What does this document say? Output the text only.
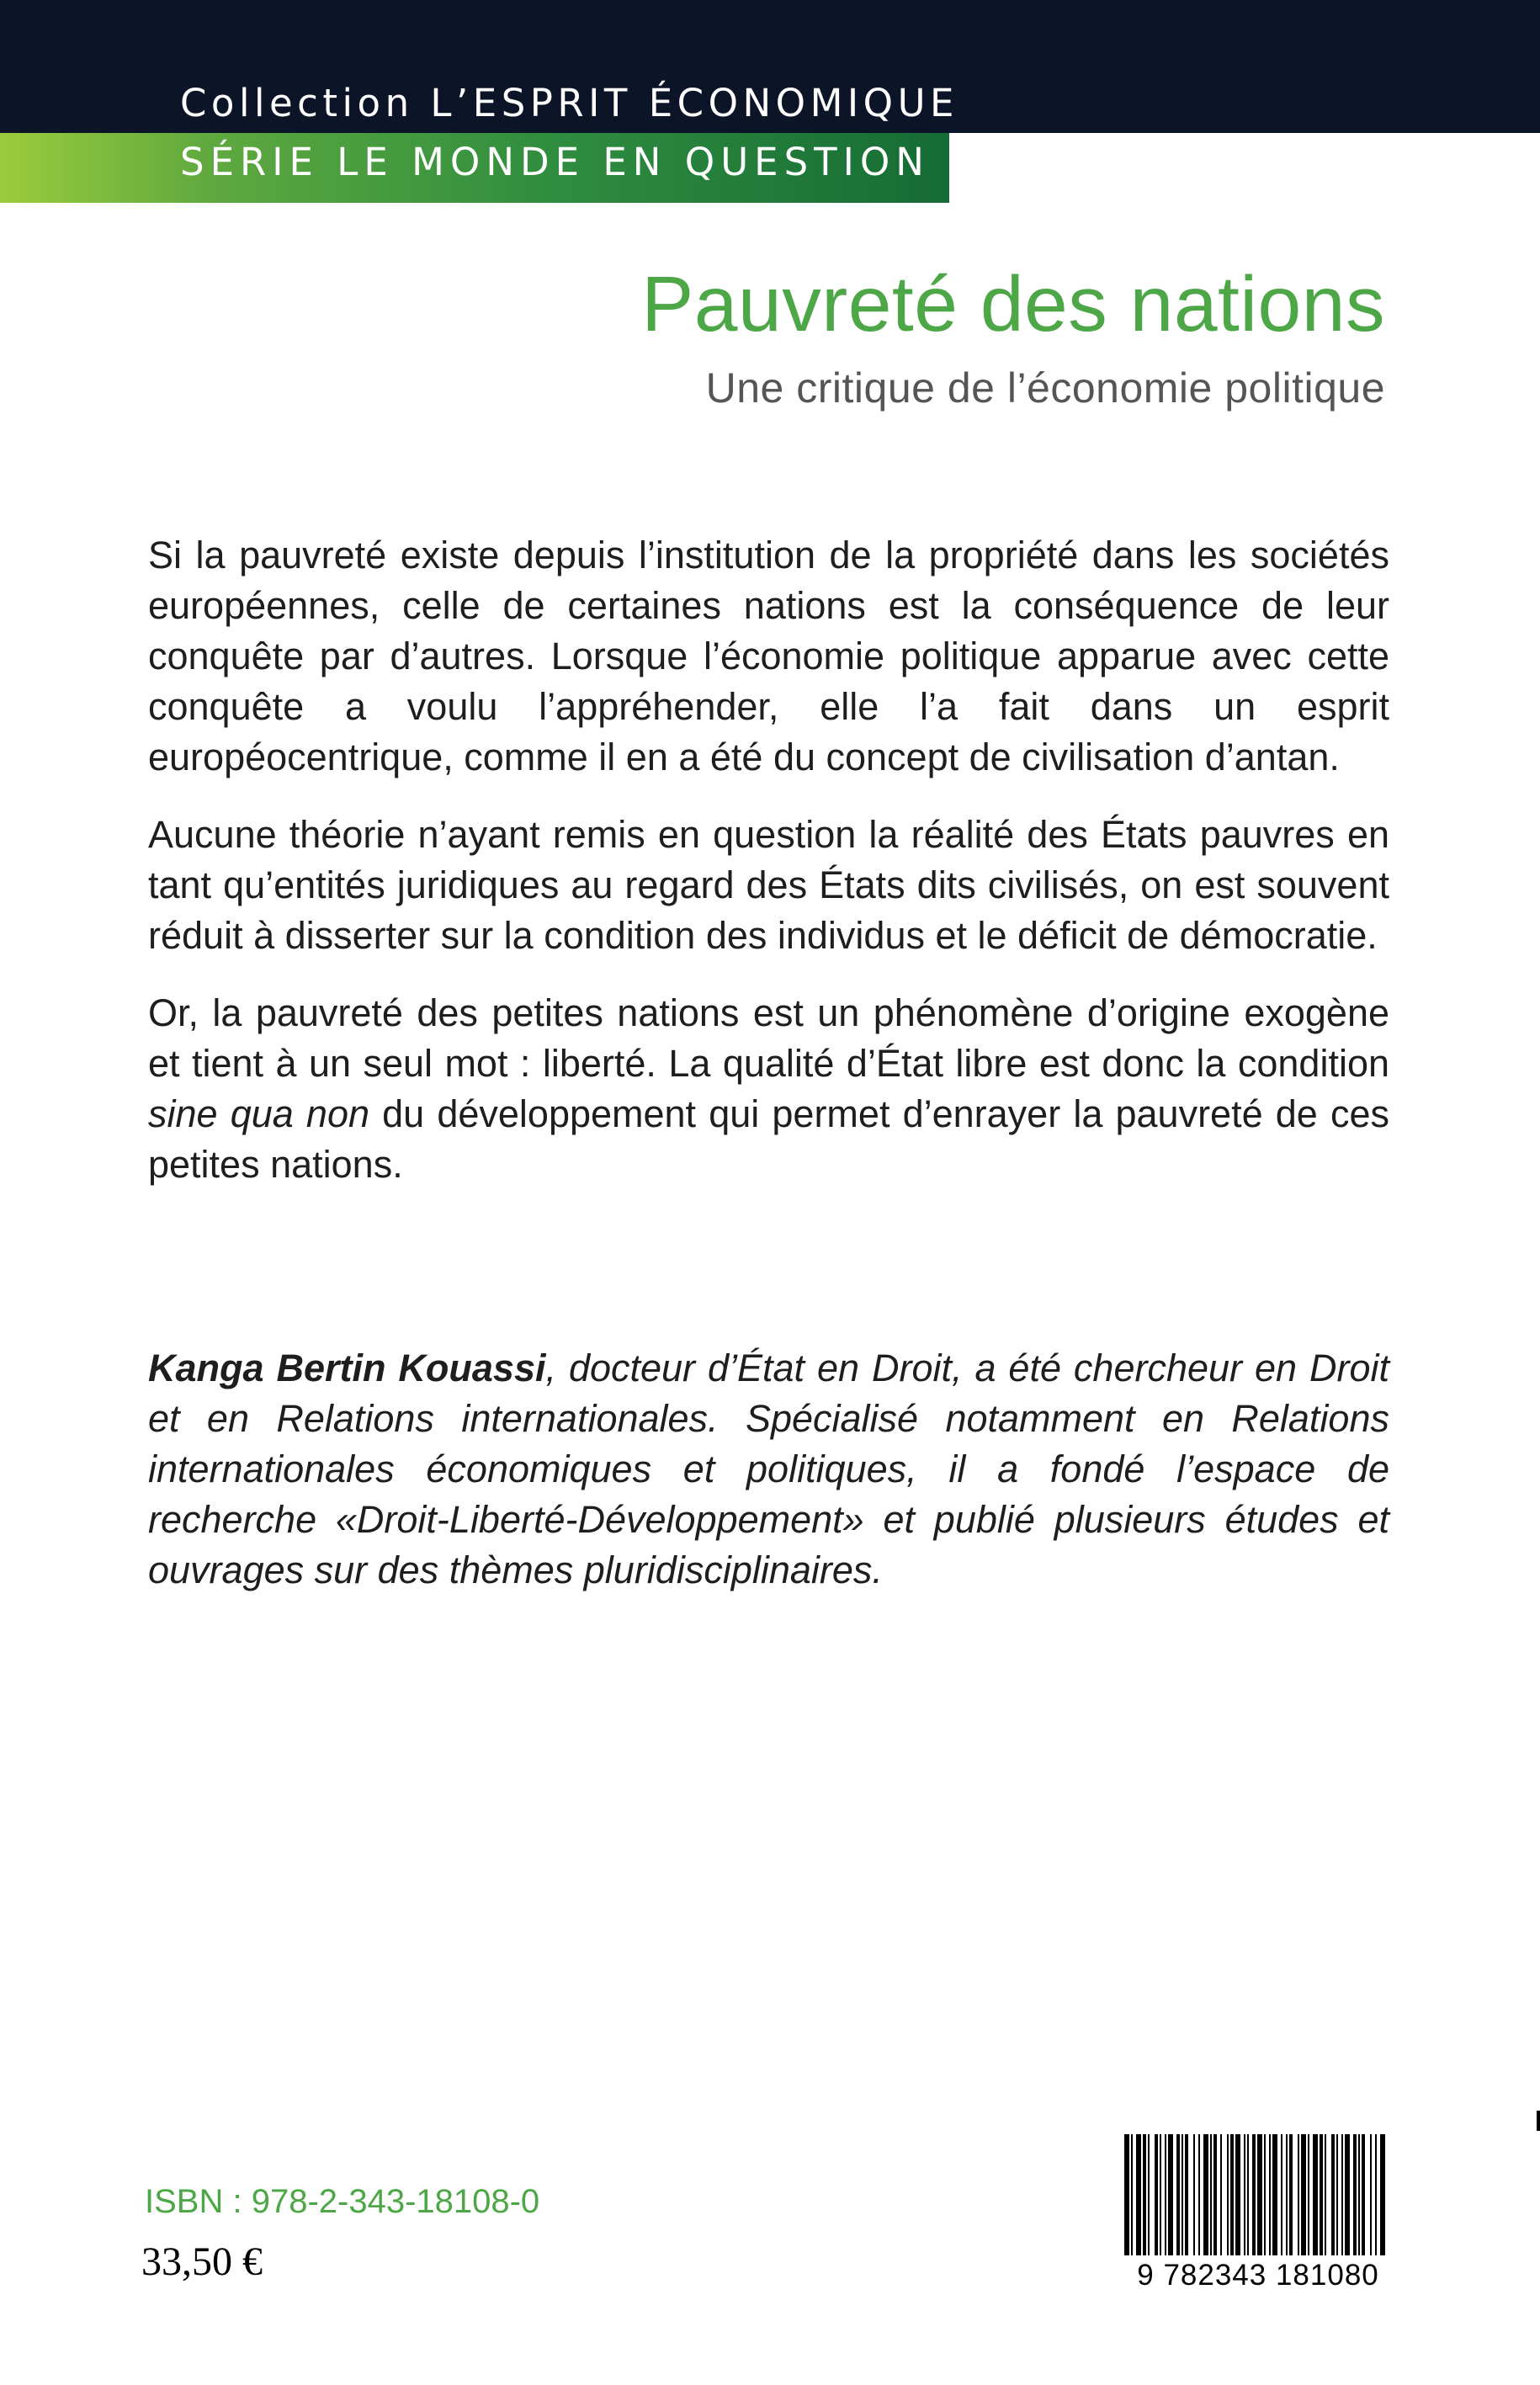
Collection L’ESPRIT ÉCONOMIQUE
SÉRIE LE MONDE EN QUESTION
Pauvreté des nations
Une critique de l’économie politique

Si la pauvreté existe depuis l’institution de la propriété dans les sociétés européennes, celle de certaines nations est la conséquence de leur conquête par d’autres. Lorsque l’économie politique apparue avec cette conquête a voulu l’appréhender, elle l’a fait dans un esprit européocentrique, comme il en a été du concept de civilisation d’antan.

Aucune théorie n’ayant remis en question la réalité des États pauvres en tant qu’entités juridiques au regard des États dits civilisés, on est souvent réduit à disserter sur la condition des individus et le déficit de démocratie.

Or, la pauvreté des petites nations est un phénomène d’origine exogène et tient à un seul mot : liberté. La qualité d’État libre est donc la condition sine qua non du développement qui permet d’enrayer la pauvreté de ces petites nations.

Kanga Bertin Kouassi, docteur d’État en Droit, a été chercheur en Droit et en Relations internationales. Spécialisé notamment en Relations internationales économiques et politiques, il a fondé l’espace de recherche «Droit-Liberté-Développement» et publié plusieurs études et ouvrages sur des thèmes pluridisciplinaires.
ISBN : 978-2-343-18108-0
33,50 €	9 782343 181080
